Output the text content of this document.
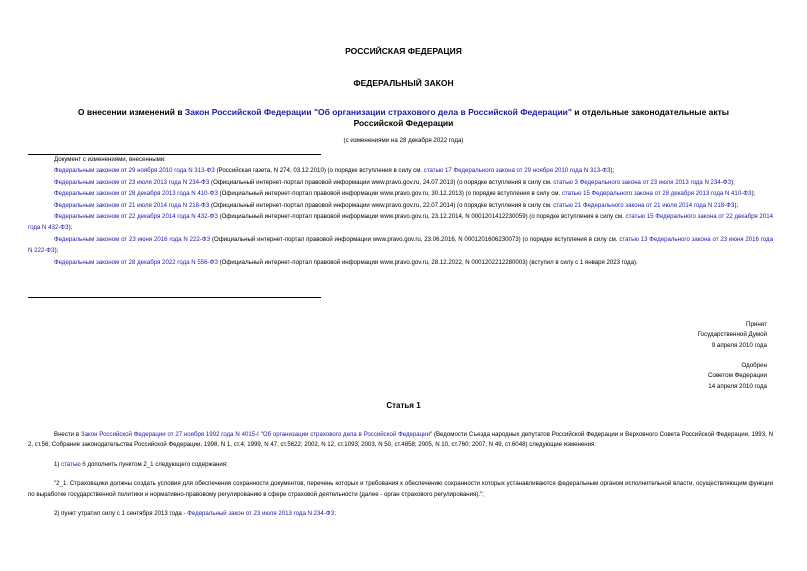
РОССИЙСКАЯ ФЕДЕРАЦИЯ
ФЕДЕРАЛЬНЫЙ ЗАКОН
О внесении изменений в Закон Российской Федерации "Об организации страхового дела в Российской Федерации" и отдельные законодательные акты Российской Федерации
(с изменениями на 28 декабря 2022 года)

Документ с изменениями, внесенными:

Федеральным законом от 29 ноября 2010 года N 313-ФЗ (Российская газета, N 274, 03.12.2010) (о порядке вступления в силу см. статью 17 Федерального закона от 29 ноября 2010 года N 313-ФЗ);

Федеральным законом от 23 июля 2013 года N 234-ФЗ (Официальный интернет-портал правовой информации www.pravo.gov.ru, 24.07.2013) (о порядке вступления в силу см. статью 3 Федерального закона от 23 июля 2013 года N 234-ФЗ);

Федеральным законом от 28 декабря 2013 года N 410-ФЗ (Официальный интернет-портал правовой информации www.pravo.gov.ru, 30.12.2013) (о порядке вступления в силу см. статью 15 Федерального закона от 28 декабря 2013 года N 410-ФЗ);

Федеральным законом от 21 июля 2014 года N 218-ФЗ (Официальный интернет-портал правовой информации www.pravo.gov.ru, 22.07.2014) (о порядке вступления в силу см. статью 21 Федерального закона от 21 июля 2014 года N 218-ФЗ);

Федеральным законом от 22 декабря 2014 года N 432-ФЗ (Официальный интернет-портал правовой информации www.pravo.gov.ru, 23.12.2014, N 0001201412230059) (о порядке вступления в силу см. статью 15 Федерального закона от 22 декабря 2014 года N 432-ФЗ);

Федеральным законом от 23 июня 2016 года N 222-ФЗ (Официальный интернет-портал правовой информации www.pravo.gov.ru, 23.06.2016, N 0001201606230073) (о порядке вступления в силу см. статью 13 Федерального закона от 23 июня 2016 года N 222-ФЗ);

Федеральным законом от 28 декабря 2022 года N 556-ФЗ (Официальный интернет-портал правовой информации www.pravo.gov.ru, 28.12.2022, N 0001202212280003) (вступил в силу с 1 января 2023 года).

Принят
Государственной Думой
9 апреля 2010 года
Одобрен
Советом Федерации
14 апреля 2010 года
Статья 1

Внести в Закон Российской Федерации от 27 ноября 1992 года N 4015-I "Об организации страхового дела в Российской Федерации" (Ведомости Съезда народных депутатов Российской Федерации и Верховного Совета Российской Федерации, 1993, N 2, ст.56; Собрание законодательства Российской Федерации, 1998, N 1, ст.4; 1999, N 47, ст.5622; 2002, N 12, ст.1093; 2003, N 50, ст.4858; 2005, N 10, ст.760; 2007, N 49, ст.6048) следующие изменения:

1) статью 6 дополнить пунктом 2_1 следующего содержания:

"2_1. Страховщики должны создать условия для обеспечения сохранности документов, перечень которых и требования к обеспечению сохранности которых устанавливаются федеральным органом исполнительной власти, осуществляющим функции по выработке государственной политики и нормативно-правовому регулированию в сфере страховой деятельности (далее - орган страхового регулирования).";

2) пункт утратил силу с 1 сентября 2013 года - Федеральный закон от 23 июля 2013 года N 234-ФЗ;
